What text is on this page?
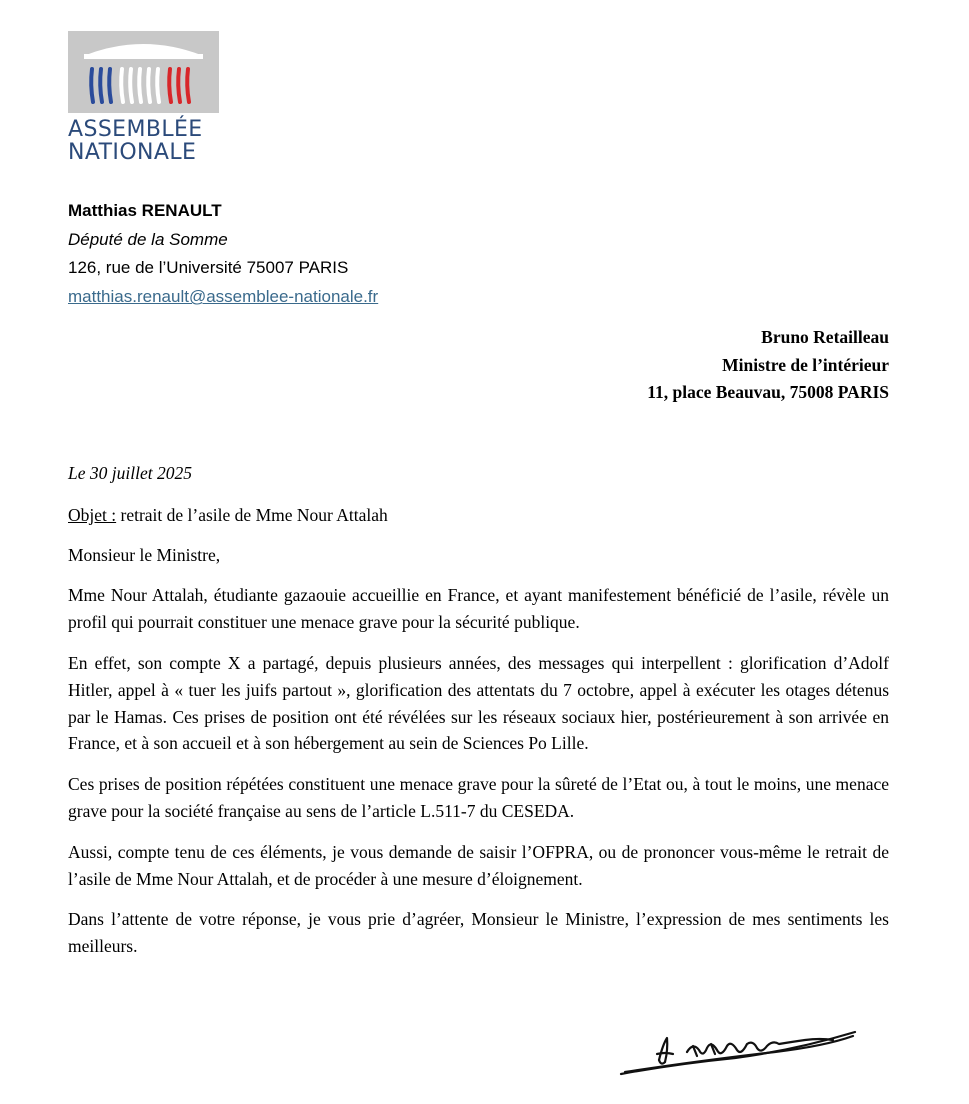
ASSEMBLÉE
NATIONALE
Matthias RENAULT
Député de la Somme
126, rue de l’Université 75007 PARIS
matthias.renault@assemblee-nationale.fr
Bruno Retailleau
Ministre de l’intérieur
11, place Beauvau, 75008 PARIS

Le 30 juillet 2025

Objet : retrait de l’asile de Mme Nour Attalah

Monsieur le Ministre,

Mme Nour Attalah, étudiante gazaouie accueillie en France, et ayant manifestement bénéficié de l’asile, révèle un profil qui pourrait constituer une menace grave pour la sécurité publique.

En effet, son compte X a partagé, depuis plusieurs années, des messages qui interpellent : glorification d’Adolf Hitler, appel à « tuer les juifs partout », glorification des attentats du 7 octobre, appel à exécuter les otages détenus par le Hamas. Ces prises de position ont été révélées sur les réseaux sociaux hier, postérieurement à son arrivée en France, et à son accueil et à son hébergement au sein de Sciences Po Lille.

Ces prises de position répétées constituent une menace grave pour la sûreté de l’Etat ou, à tout le moins, une menace grave pour la société française au sens de l’article L.511-7 du CESEDA.

Aussi, compte tenu de ces éléments, je vous demande de saisir l’OFPRA, ou de prononcer vous-même le retrait de l’asile de Mme Nour Attalah, et de procéder à une mesure d’éloignement.

Dans l’attente de votre réponse, je vous prie d’agréer, Monsieur le Ministre, l’expression de mes sentiments les meilleurs.
